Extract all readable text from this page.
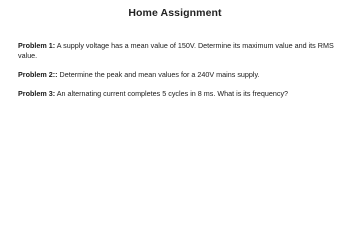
Home Assignment
Problem 1: A supply voltage has a mean value of 150V. Determine its maximum value and its RMS value.
Problem 2:: Determine the peak and mean values for a 240V mains supply.
Problem 3: An alternating current completes 5 cycles in 8 ms. What is its frequency?
